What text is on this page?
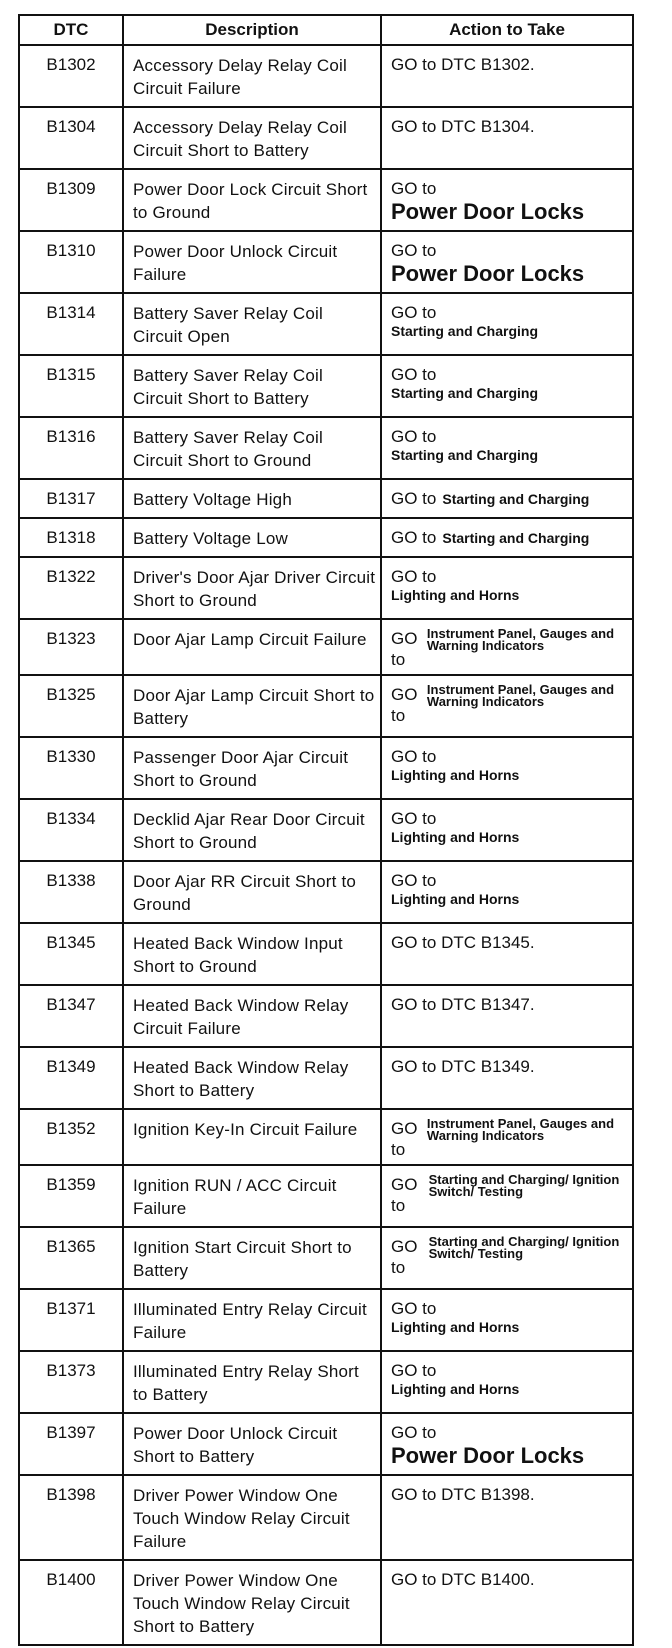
DTC	Description	Action to Take
B1302	Accessory Delay Relay Coil Circuit Failure	GO to DTC B1302.
B1304	Accessory Delay Relay Coil Circuit Short to Battery	GO to DTC B1304.
B1309	Power Door Lock Circuit Short to Ground	GO to
Power Door Locks

B1310	Power Door Unlock Circuit Failure	GO to
Power Door Locks

B1314	Battery Saver Relay Coil Circuit Open	GO to
Starting and Charging

B1315	Battery Saver Relay Coil Circuit Short to Battery	GO to
Starting and Charging

B1316	Battery Saver Relay Coil Circuit Short to Ground	GO to
Starting and Charging

B1317	Battery Voltage High	GO to Starting and Charging
B1318	Battery Voltage Low	GO to Starting and Charging
B1322	Driver's Door Ajar Driver Circuit Short to Ground	GO to
Lighting and Horns

B1323	Door Ajar Lamp Circuit Failure	GO to
Instrument Panel, Gauges and Warning Indicators

B1325	Door Ajar Lamp Circuit Short to Battery	GO to
Instrument Panel, Gauges and Warning Indicators

B1330	Passenger Door Ajar Circuit Short to Ground	GO to
Lighting and Horns

B1334	Decklid Ajar Rear Door Circuit Short to Ground	GO to
Lighting and Horns

B1338	Door Ajar RR Circuit Short to Ground	GO to
Lighting and Horns

B1345	Heated Back Window Input Short to Ground	GO to DTC B1345.
B1347	Heated Back Window Relay Circuit Failure	GO to DTC B1347.
B1349	Heated Back Window Relay Short to Battery	GO to DTC B1349.
B1352	Ignition Key-In Circuit Failure	GO to
Instrument Panel, Gauges and Warning Indicators

B1359	Ignition RUN / ACC Circuit Failure	GO to
Starting and Charging/ Ignition Switch/ Testing

B1365	Ignition Start Circuit Short to Battery	GO to
Starting and Charging/ Ignition Switch/ Testing

B1371	Illuminated Entry Relay Circuit Failure	GO to
Lighting and Horns

B1373	Illuminated Entry Relay Short to Battery	GO to
Lighting and Horns

B1397	Power Door Unlock Circuit Short to Battery	GO to
Power Door Locks

B1398	Driver Power Window One Touch Window Relay Circuit Failure	GO to DTC B1398.
B1400	Driver Power Window One Touch Window Relay Circuit Short to Battery	GO to DTC B1400.
